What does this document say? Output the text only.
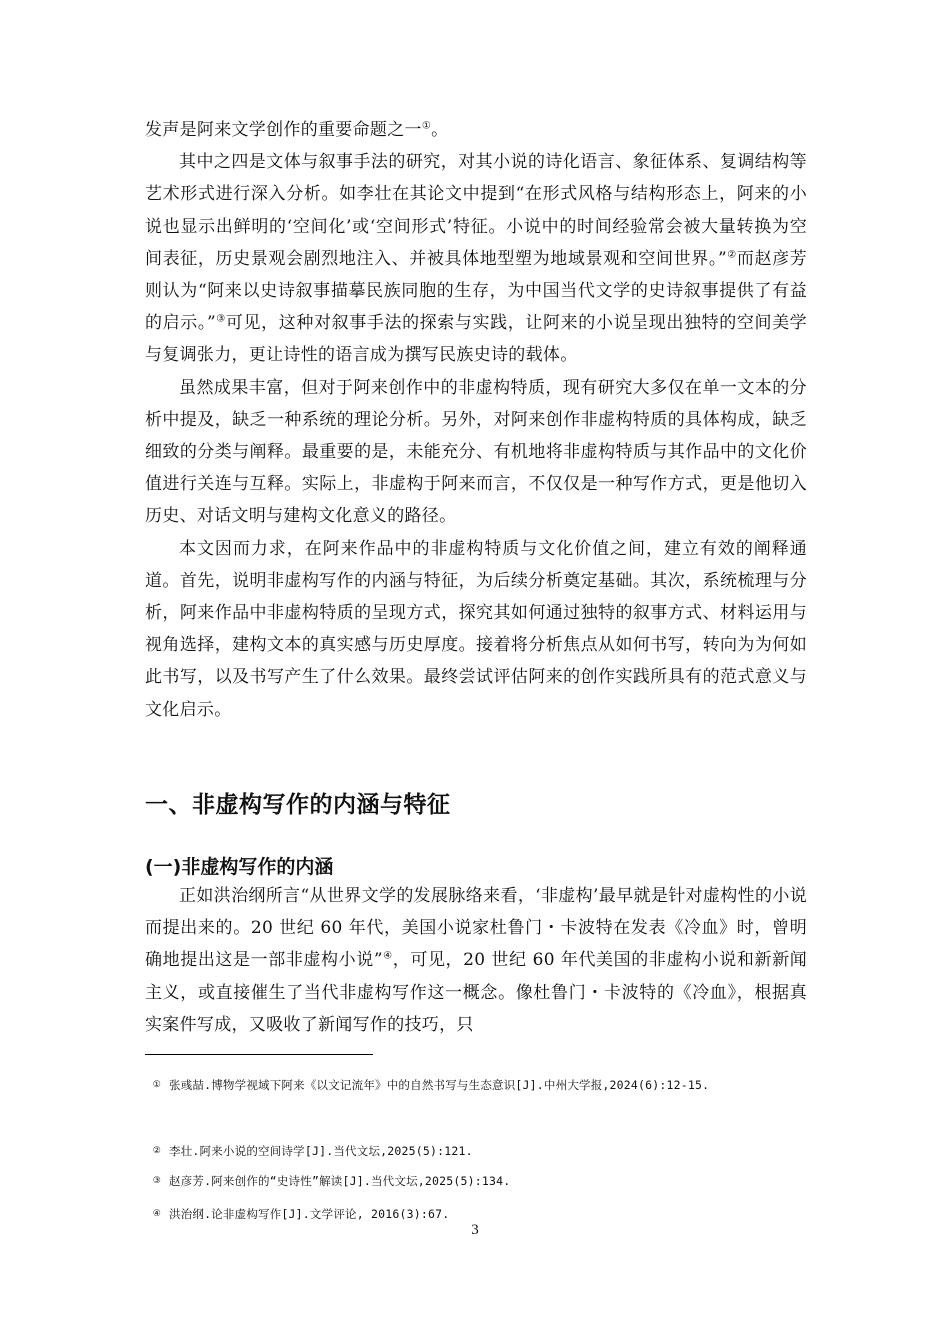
发声是阿来文学创作的重要命题之一①。

其中之四是文体与叙事手法的研究，对其小说的诗化语言、象征体系、复调结构等艺术形式进行深入分析。如李壮在其论文中提到“在形式风格与结构形态上，阿来的小说也显示出鲜明的‘空间化’或‘空间形式’特征。小说中的时间经验常会被大量转换为空间表征，历史景观会剧烈地注入、并被具体地型塑为地域景观和空间世界。”②而赵彦芳则认为“阿来以史诗叙事描摹民族同胞的生存，为中国当代文学的史诗叙事提供了有益的启示。”③可见，这种对叙事手法的探索与实践，让阿来的小说呈现出独特的空间美学与复调张力，更让诗性的语言成为撰写民族史诗的载体。

虽然成果丰富，但对于阿来创作中的非虚构特质，现有研究大多仅在单一文本的分析中提及，缺乏一种系统的理论分析。另外，对阿来创作非虚构特质的具体构成，缺乏细致的分类与阐释。最重要的是，未能充分、有机地将非虚构特质与其作品中的文化价值进行关连与互释。实际上，非虚构于阿来而言，不仅仅是一种写作方式，更是他切入历史、对话文明与建构文化意义的路径。

本文因而力求，在阿来作品中的非虚构特质与文化价值之间，建立有效的阐释通道。首先，说明非虚构写作的内涵与特征，为后续分析奠定基础。其次，系统梳理与分析，阿来作品中非虚构特质的呈现方式，探究其如何通过独特的叙事方式、材料运用与视角选择，建构文本的真实感与历史厚度。接着将分析焦点从如何书写，转向为为何如此书写，以及书写产生了什么效果。最终尝试评估阿来的创作实践所具有的范式意义与文化启示。

一、非虚构写作的内涵与特征
(一)非虚构写作的内涵

正如洪治纲所言“从世界文学的发展脉络来看，‘非虚构’最早就是针对虚构性的小说而提出来的。20 世纪 60 年代，美国小说家杜鲁门・卡波特在发表《冷血》时，曾明确地提出这是一部非虚构小说”④，可见，20 世纪 60 年代美国的非虚构小说和新新闻主义，或直接催生了当代非虚构写作这一概念。像杜鲁门・卡波特的《冷血》，根据真实案件写成，又吸收了新闻写作的技巧，只

① 张彧喆.博物学视域下阿来《以文记流年》中的自然书写与生态意识[J].中州大学报,2024(6):12-15.
② 李壮.阿来小说的空间诗学[J].当代文坛,2025(5):121.
③ 赵彦芳.阿来创作的“史诗性”解读[J].当代文坛,2025(5):134.
④ 洪治纲.论非虚构写作[J].文学评论, 2016(3):67.
3
